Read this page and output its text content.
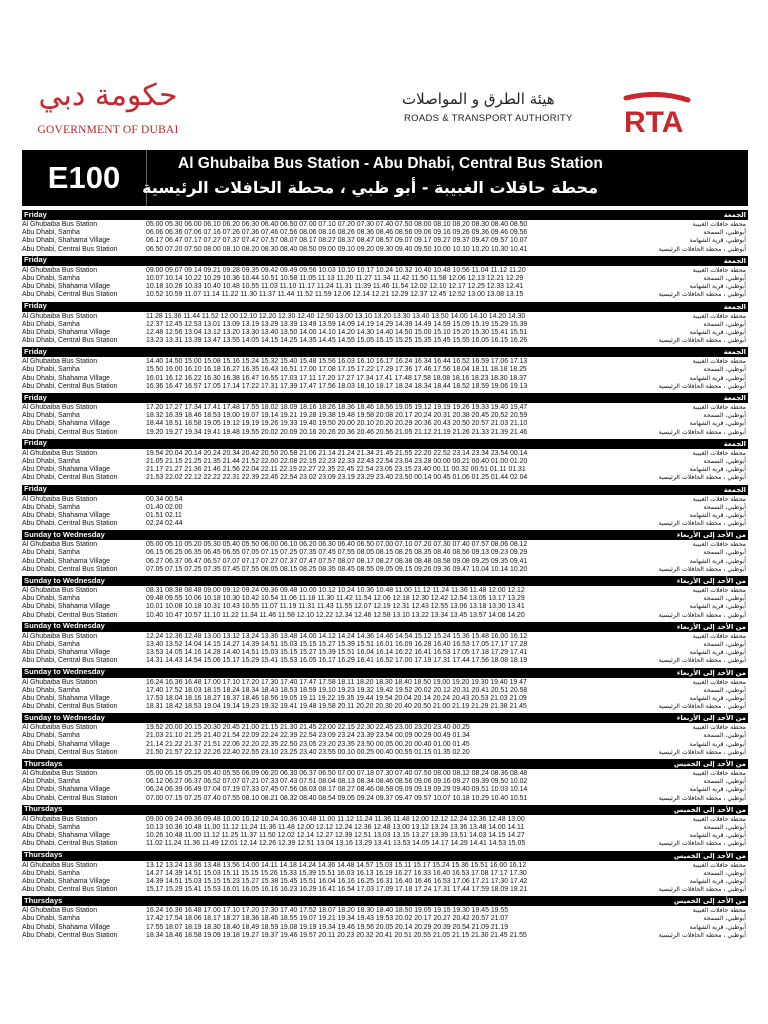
حكومة دبي
GOVERNMENT OF DUBAI
هيئة الطرق و المواصلات
ROADS & TRANSPORT AUTHORITY RTA
E100	Al Ghubaiba Bus Station - Abu Dhabi, Central Bus Station
محطة حافلات الغبيبة - أبو ظبي ، محطة الحافلات الرئيسية
Friday	الجمعة
Al Ghubaiba Bus Station	05.00 05.30 06.00 06.10 06.20 06.30 06.40 06.50 07.00 07.10 07.20 07.30 07.40 07.50 08.00 08.10 08.20 08.30 08.40 08.50	محطة حافلات الغبيبة
Abu Dhabi, Samha	06.06 06.36 07.06 07.16 07.26 07.36 07.46 07.56 08.06 08.16 08.26 08.36 08.46 08.56 09.06 09.16 09.26 09.36 09.46 09.56	أبوظبي، السمحة
Abu Dhabi, Shahama Village	06.17 06.47 07.17 07.27 07.37 07.47 07.57 08.07 08.17 08.27 08.37 08.47 08.57 09.07 09.17 09.27 09.37 09.47 09.57 10.07	أبوظبي، قرية الشهامة
Abu Dhabi, Central Bus Station	06.50 07.20 07.50 08.00 08.10 08.20 08.30 08.40 08.50 09.00 09.10 09.20 09.30 09.40 09.50 10.00 10.10 10.20 10.30 10.41	أبوظبي ، محطة الحافلات الرئيسية
Friday	الجمعة
Al Ghubaiba Bus Station	09.00 09.07 09.14 09.21 09.28 09.35 09.42 09.49 09.56 10.03 10.10 10.17 10.24 10.32 10.40 10.48 10.56 11.04 11.12 11.20	محطة حافلات الغبيبة
Abu Dhabi, Samha	10.07 10.14 10.22 10.29 10.36 10.44 10.51 10.58 11.05 11.13 11.20 11.27 11.34 11.42 11.50 11.58 12.06 12.13 12.21 12.29	أبوظبي، السمحة
Abu Dhabi, Shahama Village	10.18 10.26 10.33 10.40 10.48 10.55 11.03 11.10 11.17 11.24 11.31 11.39 11.46 11.54 12.02 12.10 12.17 12.25 12.33 12.41	أبوظبي، قرية الشهامة
Abu Dhabi, Central Bus Station	10.52 10.59 11.07 11.14 11.22 11.30 11.37 11.44 11.52 11.59 12.06 12.14 12.21 12.29 12.37 12.45 12.52 13.00 13.08 13.15	أبوظبي ، محطة الحافلات الرئيسية
Friday	الجمعة
Al Ghubaiba Bus Station	11.28 11.36 11.44 11.52 12.00 12.10 12.20 12.30 12.40 12.50 13.00 13.10 13.20 13.30 13.40 13.50 14.00 14.10 14.20 14.30	محطة حافلات الغبيبة
Abu Dhabi, Samha	12.37 12.45 12.53 13.01 13.09 13.19 13.29 13.39 13.49 13.59 14.09 14.19 14.29 14.39 14.49 14.59 15.09 15.19 15.29 15.39	أبوظبي، السمحة
Abu Dhabi, Shahama Village	12.48 12.56 13.04 13.12 13.20 13.30 13.40 13.50 14.00 14.10 14.20 14.30 14.40 14.50 15.00 15.10 15.20 15.30 15.41 15.51	أبوظبي، قرية الشهامة
Abu Dhabi, Central Bus Station	13.23 13.31 13.39 13.47 13.55 14.05 14.15 14.25 14.35 14.45 14.55 15.05 15.15 15.25 15.35 15.45 15.55 16.05 16.15 16.26	أبوظبي ، محطة الحافلات الرئيسية
Friday	الجمعة
Al Ghubaiba Bus Station	14.40 14.50 15.00 15.08 15.16 15.24 15.32 15.40 15.48 15.56 16.03 16.10 16.17 16.24 16.34 16.44 16.52 16.59 17.06 17.13	محطة حافلات الغبيبة
Abu Dhabi, Samha	15.50 16.00 16.10 16.18 16.27 16.35 16.43 16.51 17.00 17.08 17.15 17.22 17.29 17.36 17.46 17.56 18.04 18.11 18.18 18.25	أبوظبي، السمحة
Abu Dhabi, Shahama Village	16.01 16.12 16.22 16.30 16.38 16.47 16.55 17.03 17.11 17.20 17.27 17.34 17.41 17.48 17.58 18.08 18.16 18.23 18.30 18.37	أبوظبي، قرية الشهامة
Abu Dhabi, Central Bus Station	16.36 16.47 16.57 17.05 17.14 17.22 17.31 17.39 17.47 17.56 18.03 18.10 18.17 18.24 18.34 18.44 18.52 18.59 19.06 19.13	أبوظبي ، محطة الحافلات الرئيسية
Friday	الجمعة
Al Ghubaiba Bus Station	17.20 17.27 17.34 17.41 17.48 17.55 18.02 18.09 18.16 18.26 18.36 18.46 18.56 19.05 19.12 19.19 19.26 19.33 19.40 19.47	محطة حافلات الغبيبة
Abu Dhabi, Samha	18.32 18.39 18.46 18.53 19.00 19.07 19.14 19.21 19.28 19.38 19.48 19.58 20.08 20.17 20.24 20.31 20.38 20.45 20.52 20.59	أبوظبي، السمحة
Abu Dhabi, Shahama Village	18.44 18.51 18.58 19.05 19.12 19.19 19.26 19.33 19.40 19.50 20.00 20.10 20.20 20.29 20.36 20.43 20.50 20.57 21.03 21.10	أبوظبي، قرية الشهامة
Abu Dhabi, Central Bus Station	19.20 19.27 19.34 19.41 19.48 19.55 20.02 20.09 20.16 20.26 20.36 20.46 20.56 21.05 21.12 21.19 21.26 21.33 21.39 21.46	أبوظبي ، محطة الحافلات الرئيسية
Friday	الجمعة
Al Ghubaiba Bus Station	19.54 20.04 20.14 20.24 20.34 20.42 20.50 20.58 21.06 21.14 21.24 21.34 21.45 21.55 22.20 22.52 23.14 23.34 23.54 00.14	محطة حافلات الغبيبة
Abu Dhabi, Samha	21.05 21.15 21.25 21.35 21.44 21.52 22.00 22.08 22.15 22.23 22.33 22.43 22.54 23.04 23.28 00.00 00.21 00.40 01.00 01.20	أبوظبي، السمحة
Abu Dhabi, Shahama Village	21.17 21.27 21.36 21.46 21.56 22.04 22.11 22.19 22.27 22.35 22.45 22.54 23.05 23.15 23.40 00.11 00.32 00.51 01.11 01.31	أبوظبي، قرية الشهامة
Abu Dhabi, Central Bus Station	21.53 22.02 22.12 22.22 22.31 22.39 22.46 22.54 23.02 23.09 23.19 23.29 23.40 23.50 00.14 00.45 01.06 01.25 01.44 02.04	أبوظبي ، محطة الحافلات الرئيسية
Friday	الجمعة
Al Ghubaiba Bus Station	00.34 00.54	محطة حافلات الغبيبة
Abu Dhabi, Samha	01.40 02.00	أبوظبي، السمحة
Abu Dhabi, Shahama Village	01.51 02.11	أبوظبي، قرية الشهامة
Abu Dhabi, Central Bus Station	02.24 02.44	أبوظبي ، محطة الحافلات الرئيسية
Sunday to Wednesday	من الأحد إلى الأربعاء
Al Ghubaiba Bus Station	05.00 05.10 05.20 05.30 05.40 05.50 06.00 06.10 06.20 06.30 06.40 06.50 07.00 07.10 07.20 07.30 07.40 07.57 08.06 08.12	محطة حافلات الغبيبة
Abu Dhabi, Samha	06.15 06.25 06.35 06.45 06.55 07.05 07.15 07.25 07.35 07.45 07.55 08.05 08.15 08.25 08.35 08.46 08.56 09.13 09.23 09.29	أبوظبي، السمحة
Abu Dhabi, Shahama Village	06.27 06.37 06.47 06.57 07.07 07.17 07.27 07.37 07.47 07.57 08.07 08.17 08.27 08.38 08.48 08.58 09.08 09.25 09.35 09.41	أبوظبي، قرية الشهامة
Abu Dhabi, Central Bus Station	07.05 07.15 07.25 07.35 07.45 07.55 08.05 08.15 08.25 08.35 08.45 08.55 09.05 09.15 09.26 09.36 09.47 10.04 10.14 10.20	أبوظبي ، محطة الحافلات الرئيسية
Sunday to Wednesday	من الأحد إلى الأربعاء
Al Ghubaiba Bus Station	08.31 08.38 08.48 09.00 09.12 09.24 09.36 09.48 10.00 10.12 10.24 10.36 10.48 11.00 11.12 11.24 11.36 11.48 12.00 12.12	محطة حافلات الغبيبة
Abu Dhabi, Samha	09.48 09.55 10.06 10.18 10.30 10.42 10.54 11.06 11.18 11.30 11.42 11.54 12.06 12.18 12.30 12.42 12.54 13.05 13.17 13.29	أبوظبي، السمحة
Abu Dhabi, Shahama Village	10.01 10.08 10.18 10.31 10.43 10.55 11.07 11.19 11.31 11.43 11.55 12.07 12.19 12.31 12.43 12.55 13.06 13.18 13.30 13.41	أبوظبي، قرية الشهامة
Abu Dhabi, Central Bus Station	10.40 10.47 10.57 11.10 11.22 11.34 11.46 11.58 12.10 12.22 12.34 12.46 12.58 13.10 13.22 13.34 13.45 13.57 14.08 14.20	أبوظبي ، محطة الحافلات الرئيسية
Sunday to Wednesday	من الأحد إلى الأربعاء
Al Ghubaiba Bus Station	12.24 12.36 12.48 13.00 13.12 13.24 13.36 13.48 14.00 14.12 14.24 14.36 14.46 14.54 15.12 15.24 15.36 15.48 16.00 16.12	محطة حافلات الغبيبة
Abu Dhabi, Samha	13.40 13.52 14.04 14.15 14.27 14.39 14.51 15.03 15.15 15.27 15.39 15.51 16.01 16.09 16.28 16.40 16.53 17.05 17.17 17.28	أبوظبي، السمحة
Abu Dhabi, Shahama Village	13.53 14.05 14.16 14.28 14.40 14.51 15.03 15.15 15.27 15.39 15.51 16.04 16.14 16.22 16.41 16.53 17.05 17.18 17.29 17.41	أبوظبي، قرية الشهامة
Abu Dhabi, Central Bus Station	14.31 14.43 14.54 15.06 15.17 15.29 15.41 15.53 16.05 16.17 16.29 16.41 16.52 17.00 17.19 17.31 17.44 17.56 18.08 18.19	أبوظبي ، محطة الحافلات الرئيسية
Sunday to Wednesday	من الأحد إلى الأربعاء
Al Ghubaiba Bus Station	16.24 16.36 16.48 17.00 17.10 17.20 17.30 17.40 17.47 17.58 18.11 18.20 18.30 18.40 18.50 19.00 19.20 19.30 19.40 19.47	محطة حافلات الغبيبة
Abu Dhabi, Samha	17.40 17.52 18.03 18.15 18.24 18.34 18.43 18.53 18.59 19.10 19.23 19.32 19.42 19.52 20.02 20.12 20.31 20.41 20.51 20.58	أبوظبي، السمحة
Abu Dhabi, Shahama Village	17.53 18.04 18.16 18.27 18.37 18.46 18.56 19.05 19.11 19.22 19.35 19.44 19.54 20.04 20.14 20.24 20.43 20.53 21.03 21.09	أبوظبي، قرية الشهامة
Abu Dhabi, Central Bus Station	18.31 18.42 18.53 19.04 19.14 19.23 19.32 19.41 19.48 19.58 20.11 20.20 20.30 20.40 20.50 21.00 21.19 21.29 21.38 21.45	أبوظبي ، محطة الحافلات الرئيسية
Sunday to Wednesday	من الأحد إلى الأربعاء
Al Ghubaiba Bus Station	19.52 20.00 20.15 20.30 20.45 21.00 21.15 21.30 21.45 22.00 22.15 22.30 22.45 23.00 23.20 23.40 00.25	محطة حافلات الغبيبة
Abu Dhabi, Samha	21.03 21.10 21.25 21.40 21.54 22.09 22.24 22.39 22.54 23.09 23.24 23.39 23.54 00.09 00.29 00.49 01.34	أبوظبي، السمحة
Abu Dhabi, Shahama Village	21.14 21.22 21.37 21.51 22.06 22.20 22.35 22.50 23.05 23.20 23.35 23.50 00.05 00.20 00.40 01.00 01.45	أبوظبي، قرية الشهامة
Abu Dhabi, Central Bus Station	21.50 21.57 22.12 22.26 22.40 22.55 23.10 23.25 23.40 23.55 00.10 00.25 00.40 00.55 01.15 01.35 02.20	أبوظبي ، محطة الحافلات الرئيسية
Thursdays	من الأحد إلى الخميس
Al Ghubaiba Bus Station	05.00 05.15 05.25 05.40 05.55 06.09 06.20 06.30 06.37 06.50 07.00 07.18 07.30 07.40 07.50 08.00 08.12 08.24 08.36 08.48	محطة حافلات الغبيبة
Abu Dhabi, Samha	06.12 06.27 06.37 06.52 07.07 07.21 07.33 07.43 07.51 08.04 08.13 08.34 08.46 08.56 09.06 09.16 09.27 09.39 09.50 10.02	أبوظبي، السمحة
Abu Dhabi, Shahama Village	06.24 06.39 06.49 07.04 07.19 07.33 07.45 07.56 08.03 08.17 08.27 08.46 08.58 09.09 09.19 09.29 09.40 09.51 10.03 10.14	أبوظبي، قرية الشهامة
Abu Dhabi, Central Bus Station	07.00 07.15 07.25 07.40 07.55 08.10 08.21 08.32 08.40 08.54 09.05 09.24 09.37 09.47 09.57 10.07 10.18 10.29 10.40 10.51	أبوظبي ، محطة الحافلات الرئيسية
Thursdays	من الأحد إلى الخميس
Al Ghubaiba Bus Station	09.00 09.24 09.36 09.48 10.00 10.12 10.24 10.36 10.48 11.00 11.12 11.24 11.36 11.48 12.00 12.12 12.24 12.36 12.48 13.00	محطة حافلات الغبيبة
Abu Dhabi, Samha	10.13 10.36 10.48 11.00 11.12 11.24 11.36 11.48 12.00 12.12 12.24 12.36 12.48 13.00 13.12 13.24 13.36 13.48 14.00 14.11	أبوظبي، السمحة
Abu Dhabi, Shahama Village	10.26 10.48 11.00 11.12 11.25 11.37 11.50 12.02 12.14 12.27 12.39 12.51 13.03 13.15 13.27 13.39 13.51 14.03 14.15 14.27	أبوظبي، قرية الشهامة
Abu Dhabi, Central Bus Station	11.02 11.24 11.36 11.49 12.01 12.14 12.26 12.39 12.51 13.04 13.16 13.29 13.41 13.53 14.05 14.17 14.29 14.41 14.53 15.05	أبوظبي ، محطة الحافلات الرئيسية
Thursdays	من الأحد إلى الخميس
Al Ghubaiba Bus Station	13.12 13.24 13.36 13.48 13.56 14.00 14.11 14.18 14.24 14.36 14.48 14.57 15.03 15.11 15.17 15.24 15.36 15.51 16.00 16.12	محطة حافلات الغبيبة
Abu Dhabi, Samha	14.27 14.39 14.51 15.03 15.11 15.15 15.26 15.33 15.39 15.51 16.03 16.13 16.19 16.27 16.33 16.40 16.53 17.08 17.17 17.30	أبوظبي، السمحة
Abu Dhabi, Shahama Village	14.39 14.51 15.03 15.15 15.23 15.27 15.38 15.45 15.51 16.04 16.16 16.25 16.31 16.40 16.46 16.53 17.06 17.21 17.30 17.42	أبوظبي، قرية الشهامة
Abu Dhabi, Central Bus Station	15.17 15.29 15.41 15.53 16.01 16.05 16.16 16.23 16.29 16.41 16.54 17.03 17.09 17.18 17.24 17.31 17.44 17.59 18.09 18.21	أبوظبي ، محطة الحافلات الرئيسية
Thursdays	من الأحد إلى الخميس
Al Ghubaiba Bus Station	16.24 16.36 16.48 17.00 17.10 17.20 17.30 17.40 17.52 18.07 18.20 18.30 18.40 18.50 19.05 19.15 19.30 19.45 19.55	محطة حافلات الغبيبة
Abu Dhabi, Samha	17.42 17.54 18.06 18.17 18.27 18.36 18.46 18.55 19.07 19.21 19.34 19.43 19.53 20.02 20.17 20.27 20.42 20.57 21.07	أبوظبي، السمحة
Abu Dhabi, Shahama Village	17.55 18.07 18.19 18.30 18.40 18.49 18.59 19.08 19.19 19.34 19.46 19.56 20.05 20.14 20.29 20.39 20.54 21.09 21.19	أبوظبي، قرية الشهامة
Abu Dhabi, Central Bus Station	18.34 18.46 18.58 19.09 19.18 19.27 19.37 19.46 19.57 20.11 20.23 20.32 20.41 20.51 20.55 21.05 21.15 21.30 21.45 21.55	أبوظبي ، محطة الحافلات الرئيسية
